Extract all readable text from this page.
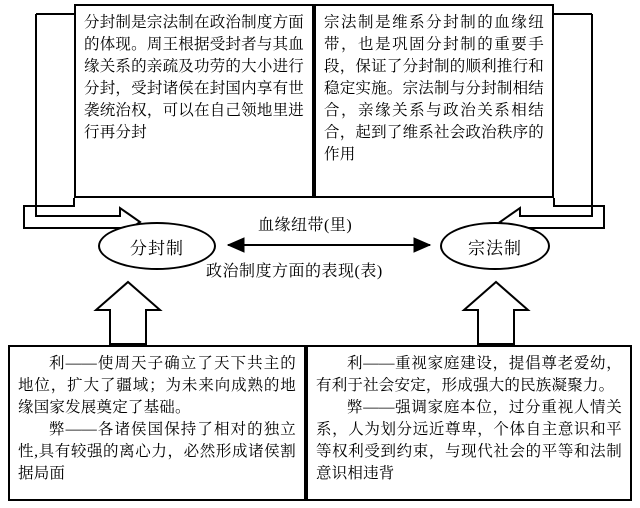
分封制是宗法制在政治制度方面的体现。周王根据受封者与其血缘关系的亲疏及功劳的大小进行分封，受封诸侯在封国内享有世袭统治权，可以在自己领地里进行再分封

宗法制是维系分封制的血缘纽带，也是巩固分封制的重要手段，保证了分封制的顺利推行和稳定实施。宗法制与分封制相结合，亲缘关系与政治关系相结合，起到了维系社会政治秩序的作用

分封制	宗法制
血缘纽带(里)
政治制度方面的表现(表)

利——使周天子确立了天下共主的地位，扩大了疆域；为未来向成熟的地缘国家发展奠定了基础。

弊——各诸侯国保持了相对的独立性,具有较强的离心力，必然形成诸侯割据局面

利——重视家庭建设，提倡尊老爱幼，有利于社会安定，形成强大的民族凝聚力。

弊——强调家庭本位，过分重视人情关系，人为划分远近尊卑，个体自主意识和平等权利受到约束，与现代社会的平等和法制意识相违背
